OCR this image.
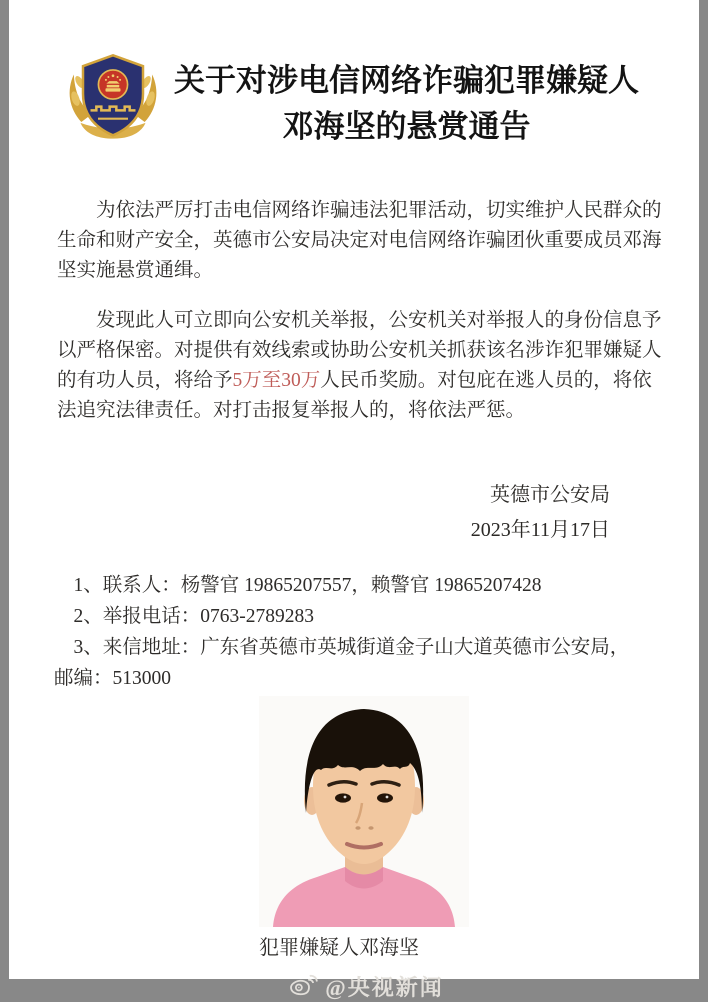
关于对涉电信网络诈骗犯罪嫌疑人
邓海坚的悬赏通告

为依法严厉打击电信网络诈骗违法犯罪活动，切实维护人民群众的
生命和财产安全，英德市公安局决定对电信网络诈骗团伙重要成员邓海
坚实施悬赏通缉。

发现此人可立即向公安机关举报，公安机关对举报人的身份信息予
以严格保密。对提供有效线索或协助公安机关抓获该名涉诈犯罪嫌疑人
的有功人员，将给予5万至30万人民币奖励。对包庇在逃人员的，将依
法追究法律责任。对打击报复举报人的，将依法严惩。

英德市公安局
2023年11月17日
1、联系人：杨警官 19865207557，赖警官 19865207428
2、举报电话：0763-2789283
3、来信地址：广东省英德市英城街道金子山大道英德市公安局，
邮编：513000
犯罪嫌疑人邓海坚
@央视新闻
